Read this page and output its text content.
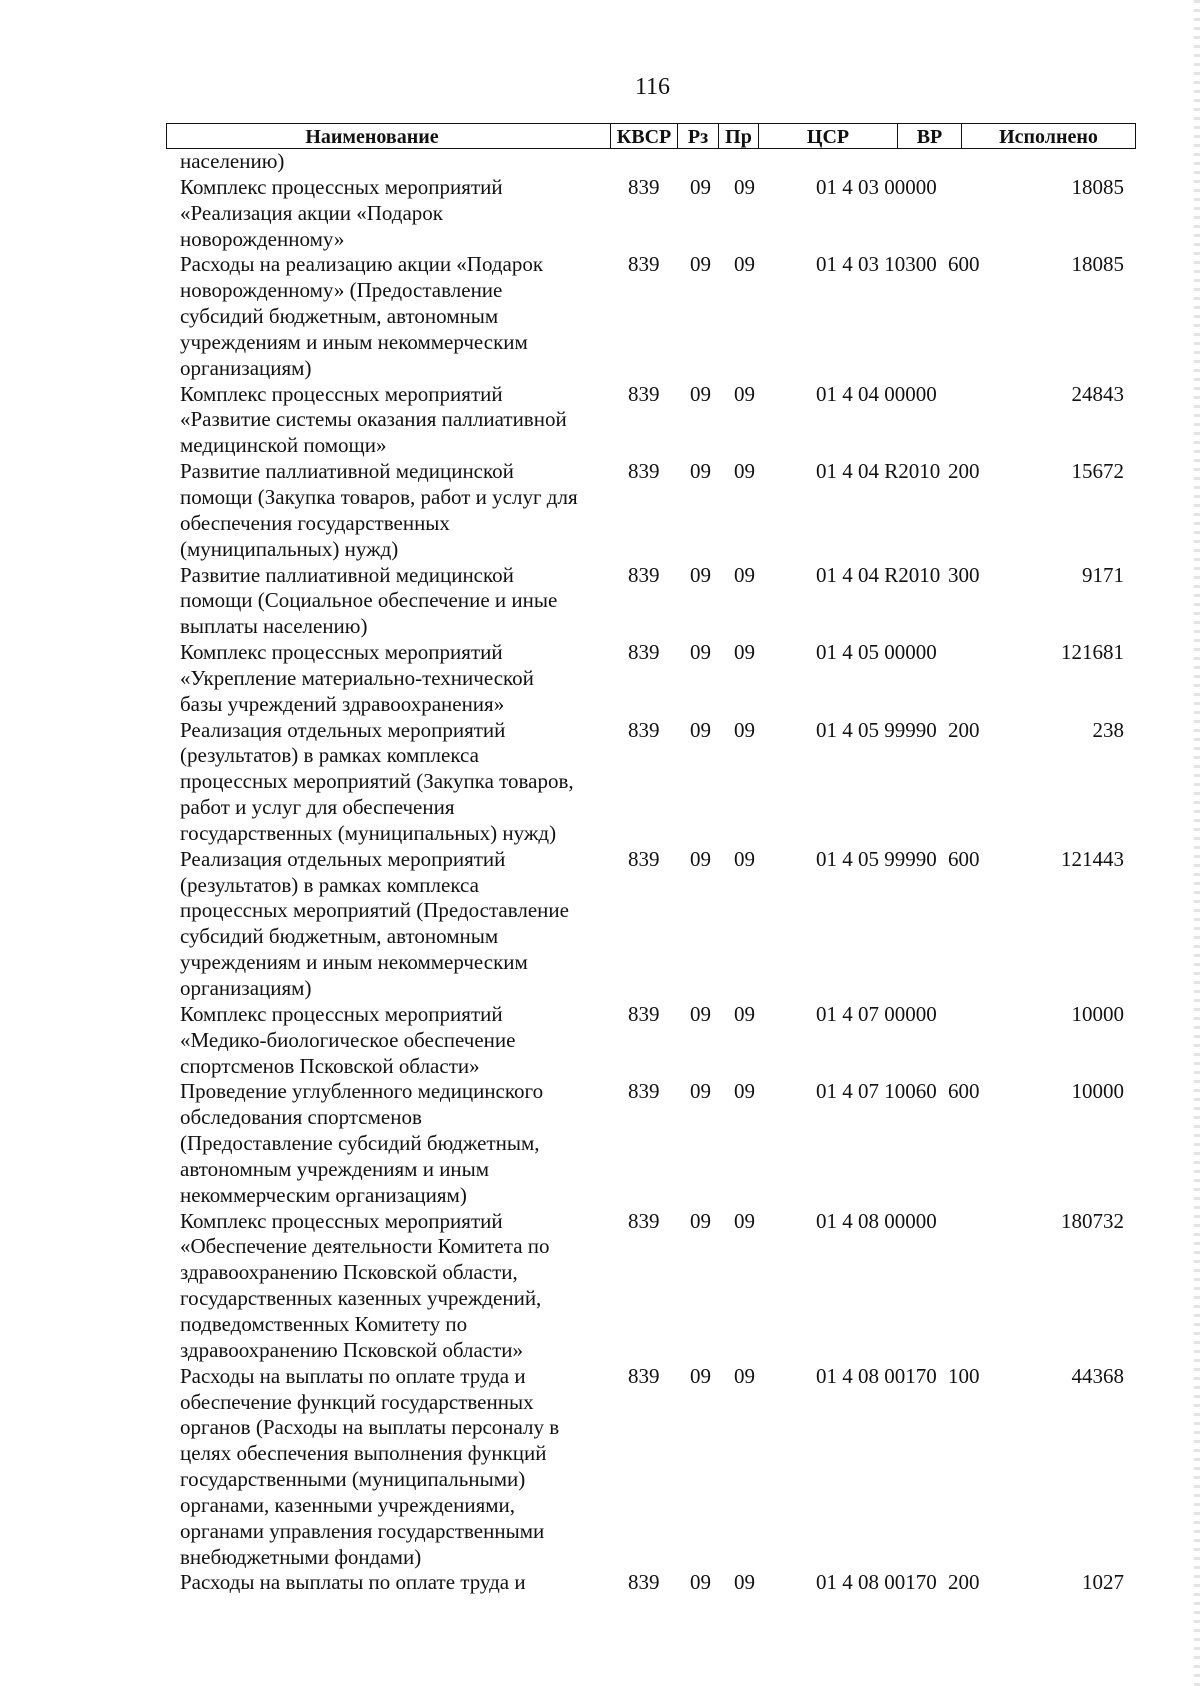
116
Наименование	КВСР Рз Пр	ЦСР	ВР	Исполнено
населению)
Комплекс процессных мероприятий
«Реализация акции «Подарок
новорожденному»
839 09 09	01 4 03 00000	18085
Расходы на реализацию акции «Подарок
новорожденному» (Предоставление
субсидий бюджетным, автономным
учреждениям и иным некоммерческим
организациям)
839 09 09	01 4 03 10300 600	18085
Комплекс процессных мероприятий
«Развитие системы оказания паллиативной
медицинской помощи»
839 09 09	01 4 04 00000	24843
Развитие паллиативной медицинской
помощи (Закупка товаров, работ и услуг для
обеспечения государственных
(муниципальных) нужд)
839 09 09	01 4 04 R2010 200	15672
Развитие паллиативной медицинской
помощи (Социальное обеспечение и иные
выплаты населению)
839 09 09	01 4 04 R2010 300	9171
Комплекс процессных мероприятий
«Укрепление материально-технической
базы учреждений здравоохранения»
839 09 09	01 4 05 00000	121681
Реализация отдельных мероприятий
(результатов) в рамках комплекса
процессных мероприятий (Закупка товаров,
работ и услуг для обеспечения
государственных (муниципальных) нужд)
839 09 09	01 4 05 99990 200	238
Реализация отдельных мероприятий
(результатов) в рамках комплекса
процессных мероприятий (Предоставление
субсидий бюджетным, автономным
учреждениям и иным некоммерческим
организациям)
839 09 09	01 4 05 99990 600	121443
Комплекс процессных мероприятий
«Медико-биологическое обеспечение
спортсменов Псковской области»
839 09 09	01 4 07 00000	10000
Проведение углубленного медицинского
обследования спортсменов
(Предоставление субсидий бюджетным,
автономным учреждениям и иным
некоммерческим организациям)
839 09 09	01 4 07 10060 600	10000
Комплекс процессных мероприятий
«Обеспечение деятельности Комитета по
здравоохранению Псковской области,
государственных казенных учреждений,
подведомственных Комитету по
здравоохранению Псковской области»
839 09 09	01 4 08 00000	180732
Расходы на выплаты по оплате труда и
обеспечение функций государственных
органов (Расходы на выплаты персоналу в
целях обеспечения выполнения функций
государственными (муниципальными)
органами, казенными учреждениями,
органами управления государственными
внебюджетными фондами)
839 09 09	01 4 08 00170 100	44368
Расходы на выплаты по оплате труда и	839 09 09	01 4 08 00170 200	1027
